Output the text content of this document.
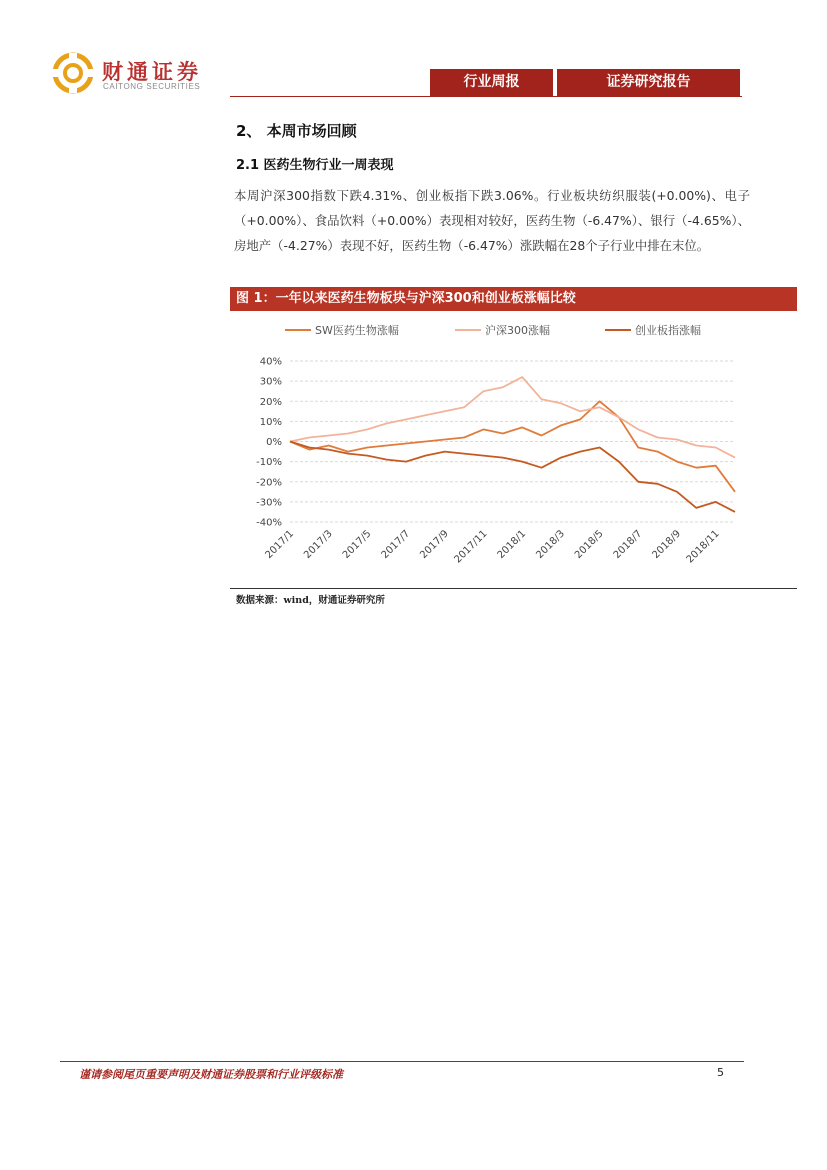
财通证券
CAITONG SECURITIES	行业周报	证券研究报告
2、 本周市场回顾
2.1 医药生物行业一周表现
本周沪深300指数下跌4.31%、创业板指下跌3.06%。行业板块纺织服装(+0.00%)、电子（+0.00%）、食品饮料（+0.00%）表现相对较好，医药生物（-6.47%）、银行（-4.65%）、房地产（-4.27%）表现不好，医药生物（-6.47%）涨跌幅在28个子行业中排在末位。
图 1：一年以来医药生物板块与沪深300和创业板涨幅比较
SW医药生物涨幅	沪深300涨幅	创业板指涨幅
40%
30%
20%
10%
0%
-10%
-20%
-30%
-40%
2017/1 2017/3 2017/5 2017/7 2017/9 2017/11 2018/1 2018/3 2018/5 2018/7 2018/9 2018/11
数据来源：wind，财通证券研究所
谨请参阅尾页重要声明及财通证券股票和行业评级标准	5
